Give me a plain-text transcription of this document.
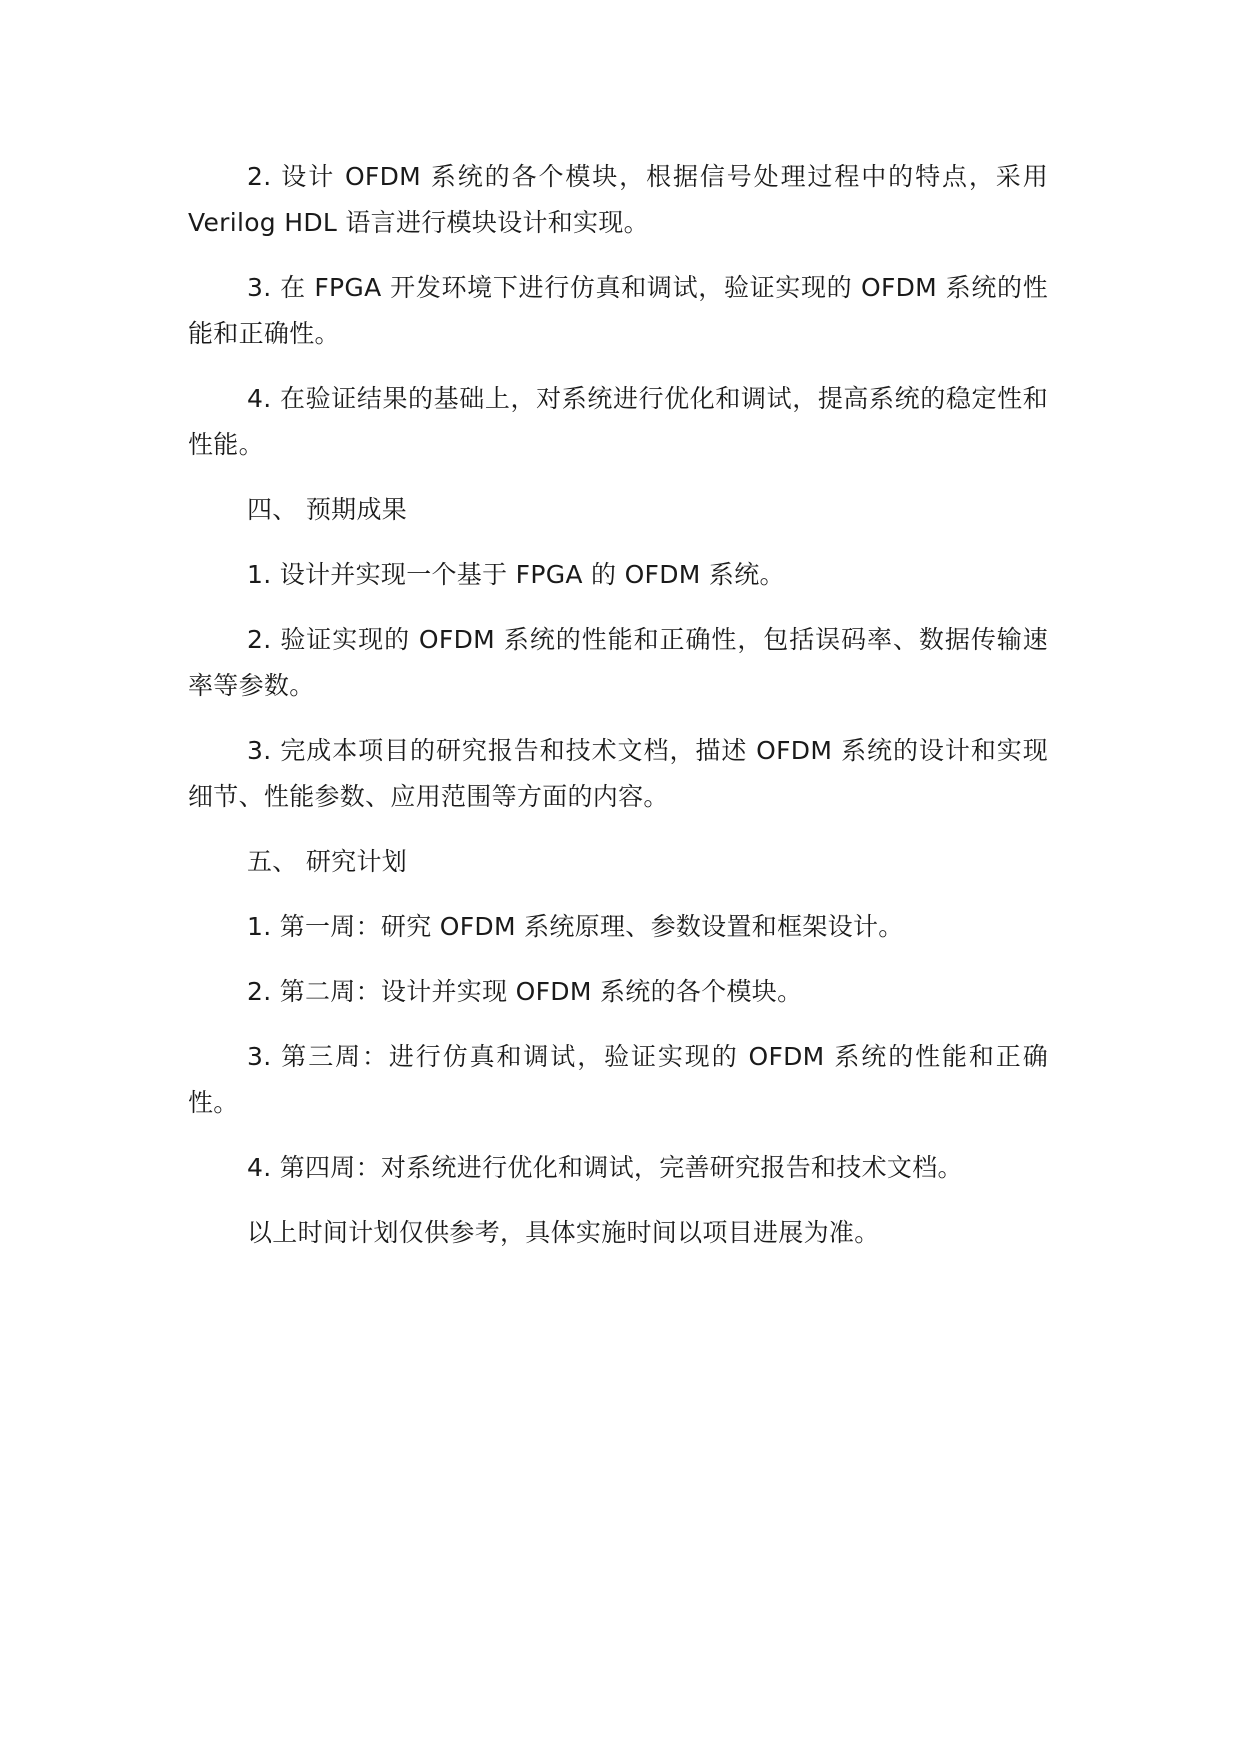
2. 设计 OFDM 系统的各个模块，根据信号处理过程中的特点，采用 Verilog HDL 语言进行模块设计和实现。

3. 在 FPGA 开发环境下进行仿真和调试，验证实现的 OFDM 系统的性能和正确性。

4. 在验证结果的基础上，对系统进行优化和调试，提高系统的稳定性和性能。

四、 预期成果

1. 设计并实现一个基于 FPGA 的 OFDM 系统。

2. 验证实现的 OFDM 系统的性能和正确性，包括误码率、数据传输速率等参数。

3. 完成本项目的研究报告和技术文档，描述 OFDM 系统的设计和实现细节、性能参数、应用范围等方面的内容。

五、 研究计划

1. 第一周：研究 OFDM 系统原理、参数设置和框架设计。

2. 第二周：设计并实现 OFDM 系统的各个模块。

3. 第三周：进行仿真和调试，验证实现的 OFDM 系统的性能和正确性。

4. 第四周：对系统进行优化和调试，完善研究报告和技术文档。

以上时间计划仅供参考，具体实施时间以项目进展为准。
